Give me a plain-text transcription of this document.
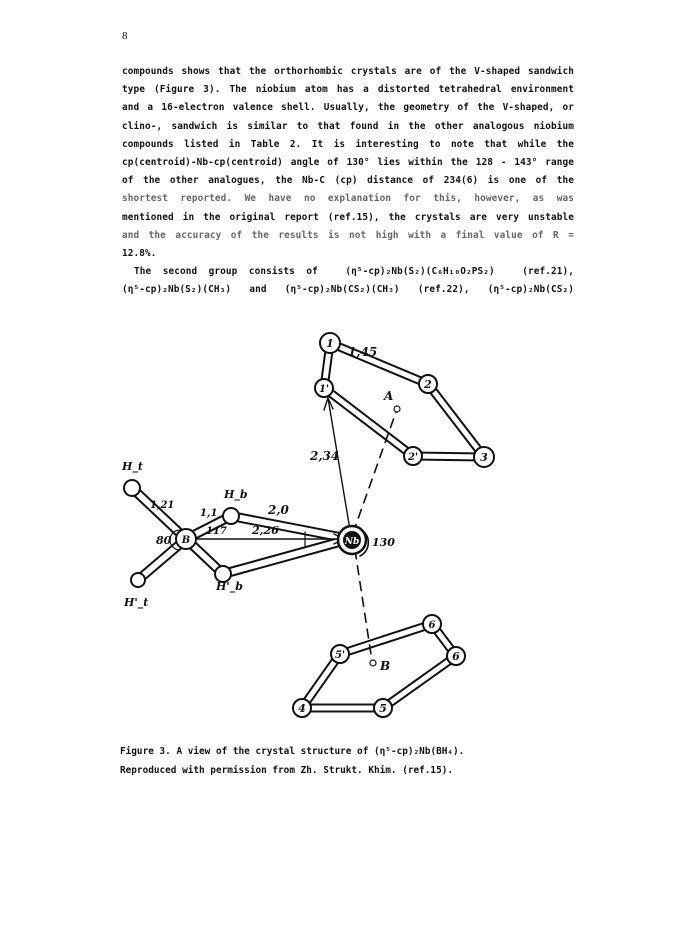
8
compounds shows that the orthorhombic crystals are of the V-shaped sandwich
type (Figure 3). The niobium atom has a distorted tetrahedral environment
and a 16-electron valence shell. Usually, the geometry of the V-shaped, or
clino-, sandwich is similar to that found in the other analogous niobium
compounds listed in Table 2. It is interesting to note that while the
cp(centroid)-Nb-cp(centroid) angle of 130° lies within the 128 - 143° range
of the other analogues, the Nb-C (cp) distance of 234(6) is one of the
shortest reported. We have no explanation for this, however, as was
mentioned in the original report (ref.15), the crystals are very unstable
and the accuracy of the results is not high with a final value of R =
12.8%.
The  second  group  consists  of	(η⁵-cp)₂Nb(S₂)(C₆H₁₀O₂PS₂)	(ref.21),
(η⁵-cp)₂Nb(S₂)(CH₃) and (η⁵-cp)₂Nb(CS₂)(CH₃) (ref.22), (η⁵-cp)₂Nb(CS₂)
Nb
B
1
1'	2
2'	3
4	5
5'	6
6
1,45
A
2,34
2,0
2,26
1,21
1,1
80
117
130
B
H_t
H'_t
H_b
H'_b
Figure 3. A view of the crystal structure of (η⁵-cp)₂Nb(BH₄).
Reproduced with permission from Zh. Strukt. Khim. (ref.15).
